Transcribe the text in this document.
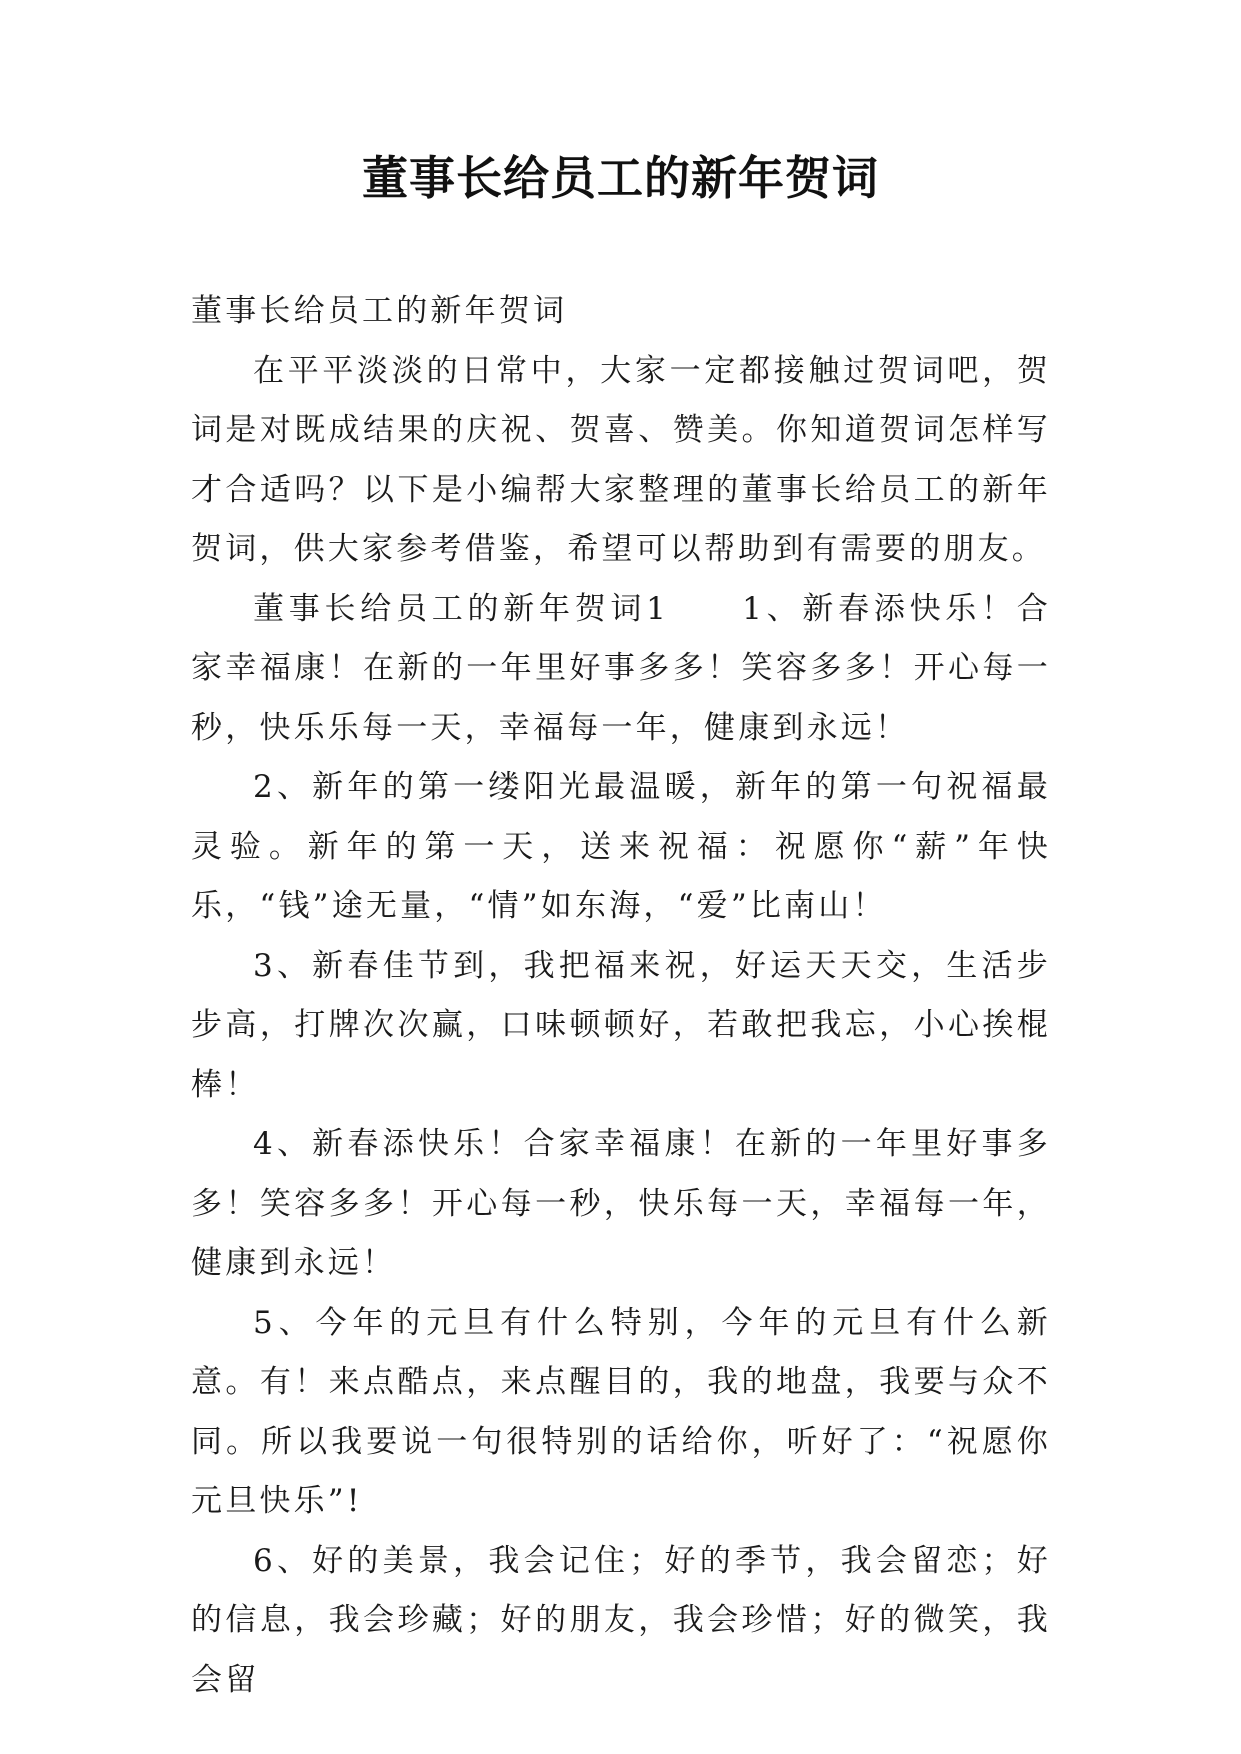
董事长给员工的新年贺词

董事长给员工的新年贺词

在平平淡淡的日常中，大家一定都接触过贺词吧，贺词是对既成结果的庆祝、贺喜、赞美。你知道贺词怎样写才合适吗？以下是小编帮大家整理的董事长给员工的新年贺词，供大家参考借鉴，希望可以帮助到有需要的朋友。

董事长给员工的新年贺词1　　1、新春添快乐！合家幸福康！在新的一年里好事多多！笑容多多！开心每一秒，快乐乐每一天，幸福每一年，健康到永远！

2、新年的第一缕阳光最温暖，新年的第一句祝福最灵验。新年的第一天，送来祝福：祝愿你“薪”年快乐，“钱”途无量，“情”如东海，“爱”比南山！

3、新春佳节到，我把福来祝，好运天天交，生活步步高，打牌次次赢，口味顿顿好，若敢把我忘，小心挨棍棒！

4、新春添快乐！合家幸福康！在新的一年里好事多多！笑容多多！开心每一秒，快乐每一天，幸福每一年，健康到永远！

5、今年的元旦有什么特别，今年的元旦有什么新意。有！来点酷点，来点醒目的，我的地盘，我要与众不同。所以我要说一句很特别的话给你，听好了：“祝愿你元旦快乐”!

6、好的美景，我会记住；好的季节，我会留恋；好的信息，我会珍藏；好的朋友，我会珍惜；好的微笑，我会留
